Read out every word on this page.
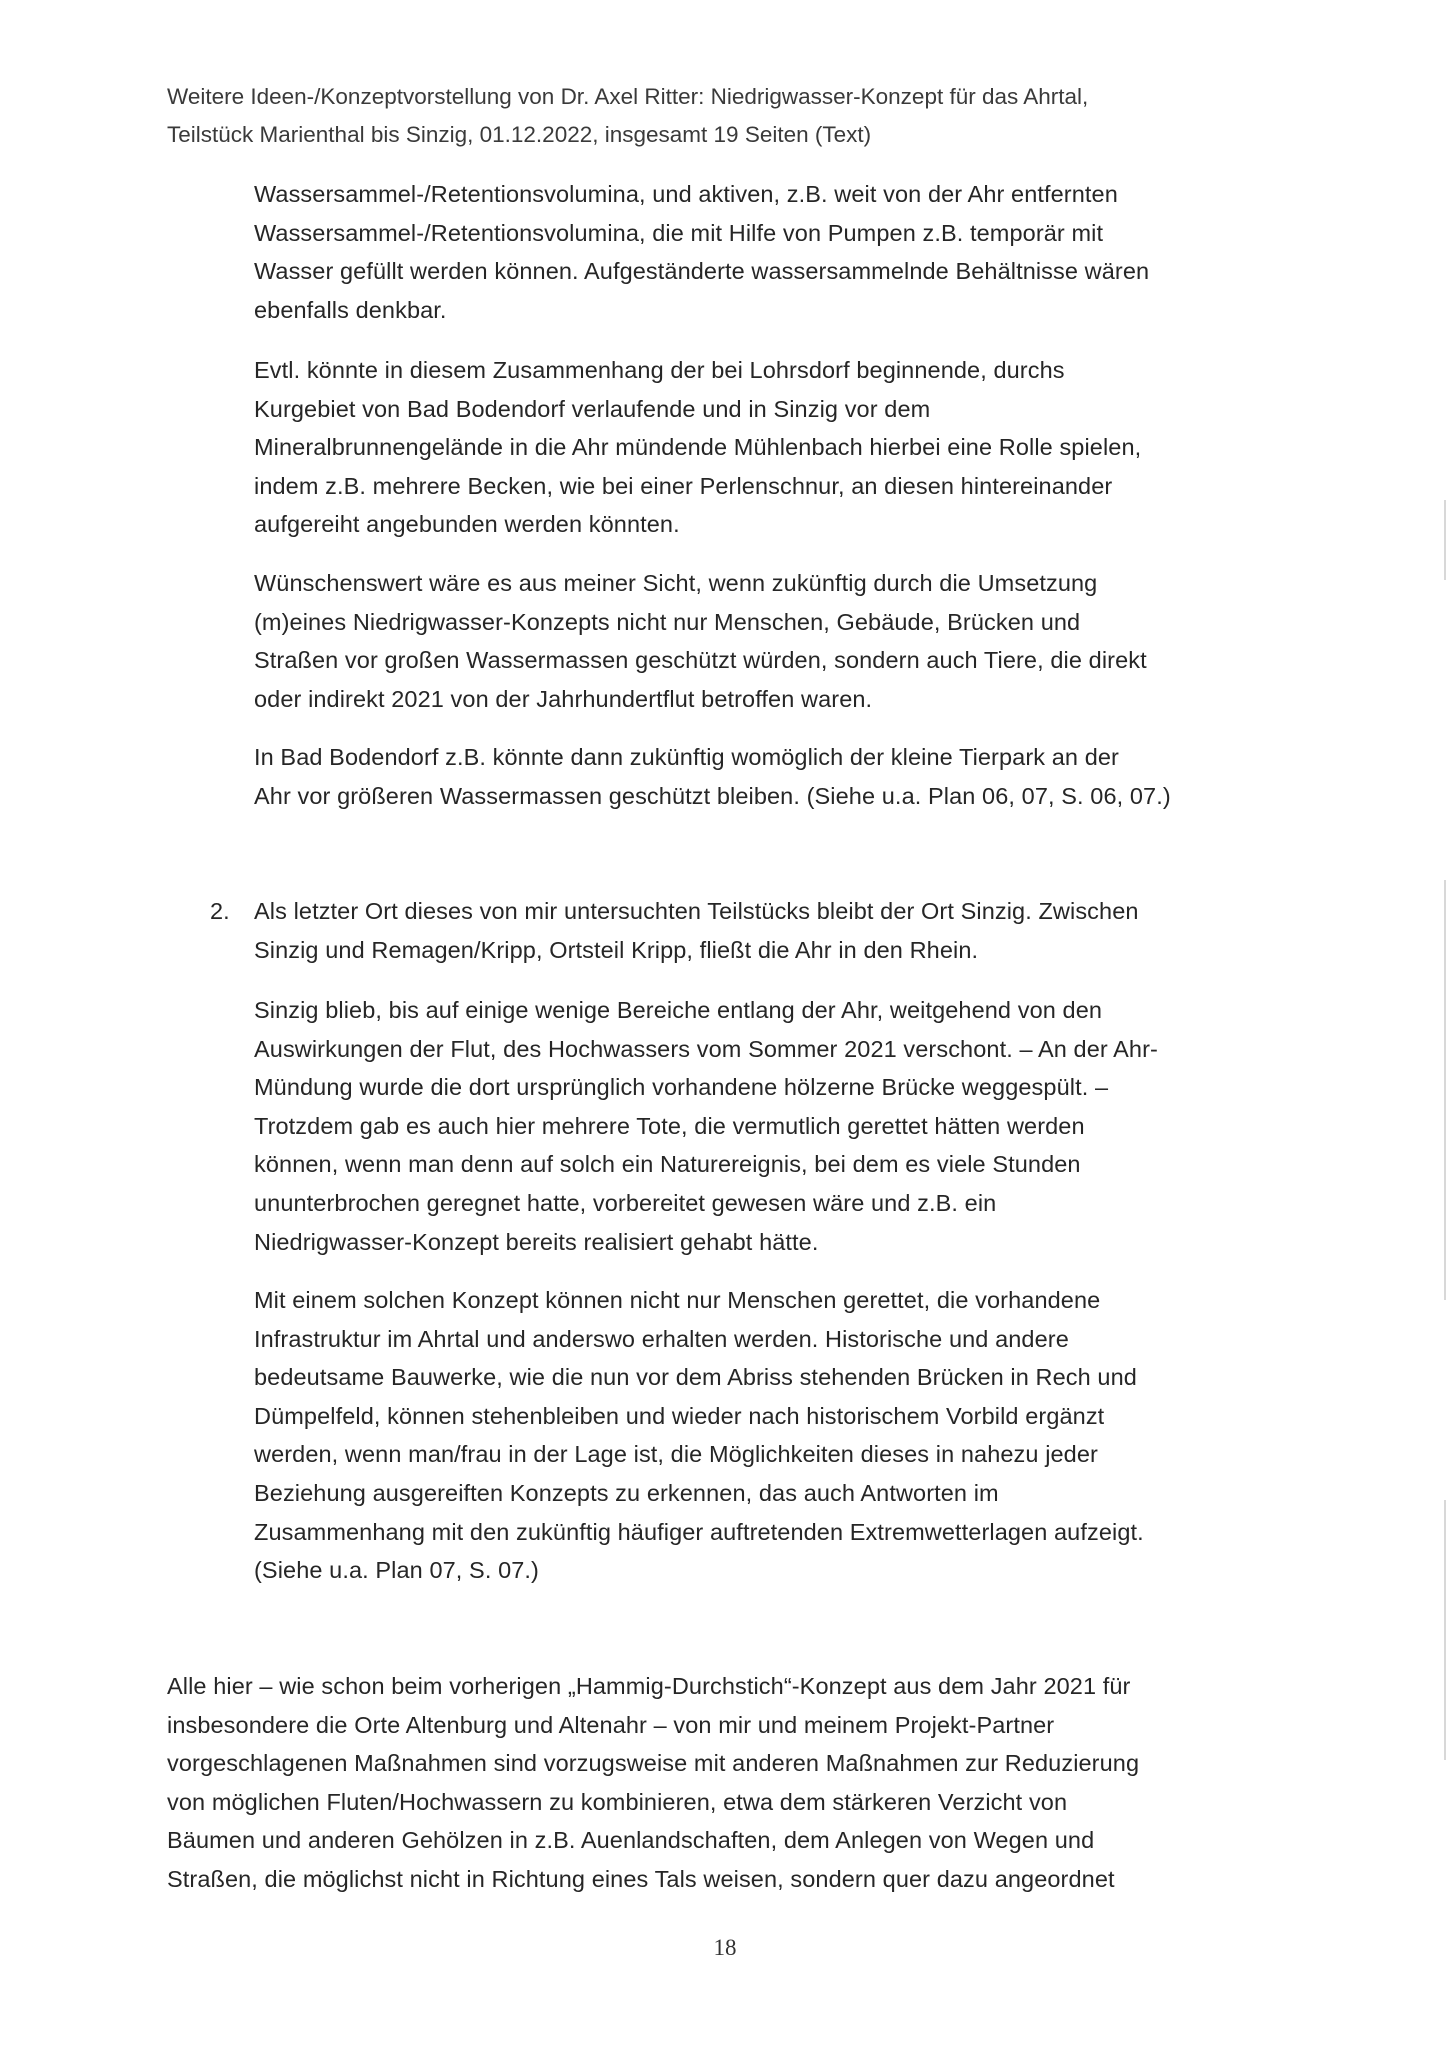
Weitere Ideen-/Konzeptvorstellung von Dr. Axel Ritter: Niedrigwasser-Konzept für das Ahrtal,
Teilstück Marienthal bis Sinzig, 01.12.2022, insgesamt 19 Seiten (Text)
Wassersammel-/Retentionsvolumina, und aktiven, z.B. weit von der Ahr entfernten
Wassersammel-/Retentionsvolumina, die mit Hilfe von Pumpen z.B. temporär mit
Wasser gefüllt werden können. Aufgeständerte wassersammelnde Behältnisse wären
ebenfalls denkbar.
Evtl. könnte in diesem Zusammenhang der bei Lohrsdorf beginnende, durchs
Kurgebiet von Bad Bodendorf verlaufende und in Sinzig vor dem
Mineralbrunnengelände in die Ahr mündende Mühlenbach hierbei eine Rolle spielen,
indem z.B. mehrere Becken, wie bei einer Perlenschnur, an diesen hintereinander
aufgereiht angebunden werden könnten.
Wünschenswert wäre es aus meiner Sicht, wenn zukünftig durch die Umsetzung
(m)eines Niedrigwasser-Konzepts nicht nur Menschen, Gebäude, Brücken und
Straßen vor großen Wassermassen geschützt würden, sondern auch Tiere, die direkt
oder indirekt 2021 von der Jahrhundertflut betroffen waren.
In Bad Bodendorf z.B. könnte dann zukünftig womöglich der kleine Tierpark an der
Ahr vor größeren Wassermassen geschützt bleiben. (Siehe u.a. Plan 06, 07, S. 06, 07.)
2. Als letzter Ort dieses von mir untersuchten Teilstücks bleibt der Ort Sinzig. Zwischen
Sinzig und Remagen/Kripp, Ortsteil Kripp, fließt die Ahr in den Rhein.
Sinzig blieb, bis auf einige wenige Bereiche entlang der Ahr, weitgehend von den
Auswirkungen der Flut, des Hochwassers vom Sommer 2021 verschont. – An der Ahr-
Mündung wurde die dort ursprünglich vorhandene hölzerne Brücke weggespült. –
Trotzdem gab es auch hier mehrere Tote, die vermutlich gerettet hätten werden
können, wenn man denn auf solch ein Naturereignis, bei dem es viele Stunden
ununterbrochen geregnet hatte, vorbereitet gewesen wäre und z.B. ein
Niedrigwasser-Konzept bereits realisiert gehabt hätte.
Mit einem solchen Konzept können nicht nur Menschen gerettet, die vorhandene
Infrastruktur im Ahrtal und anderswo erhalten werden. Historische und andere
bedeutsame Bauwerke, wie die nun vor dem Abriss stehenden Brücken in Rech und
Dümpelfeld, können stehenbleiben und wieder nach historischem Vorbild ergänzt
werden, wenn man/frau in der Lage ist, die Möglichkeiten dieses in nahezu jeder
Beziehung ausgereiften Konzepts zu erkennen, das auch Antworten im
Zusammenhang mit den zukünftig häufiger auftretenden Extremwetterlagen aufzeigt.
(Siehe u.a. Plan 07, S. 07.)
Alle hier – wie schon beim vorherigen „Hammig-Durchstich“-Konzept aus dem Jahr 2021 für
insbesondere die Orte Altenburg und Altenahr – von mir und meinem Projekt-Partner
vorgeschlagenen Maßnahmen sind vorzugsweise mit anderen Maßnahmen zur Reduzierung
von möglichen Fluten/Hochwassern zu kombinieren, etwa dem stärkeren Verzicht von
Bäumen und anderen Gehölzen in z.B. Auenlandschaften, dem Anlegen von Wegen und
Straßen, die möglichst nicht in Richtung eines Tals weisen, sondern quer dazu angeordnet
18
